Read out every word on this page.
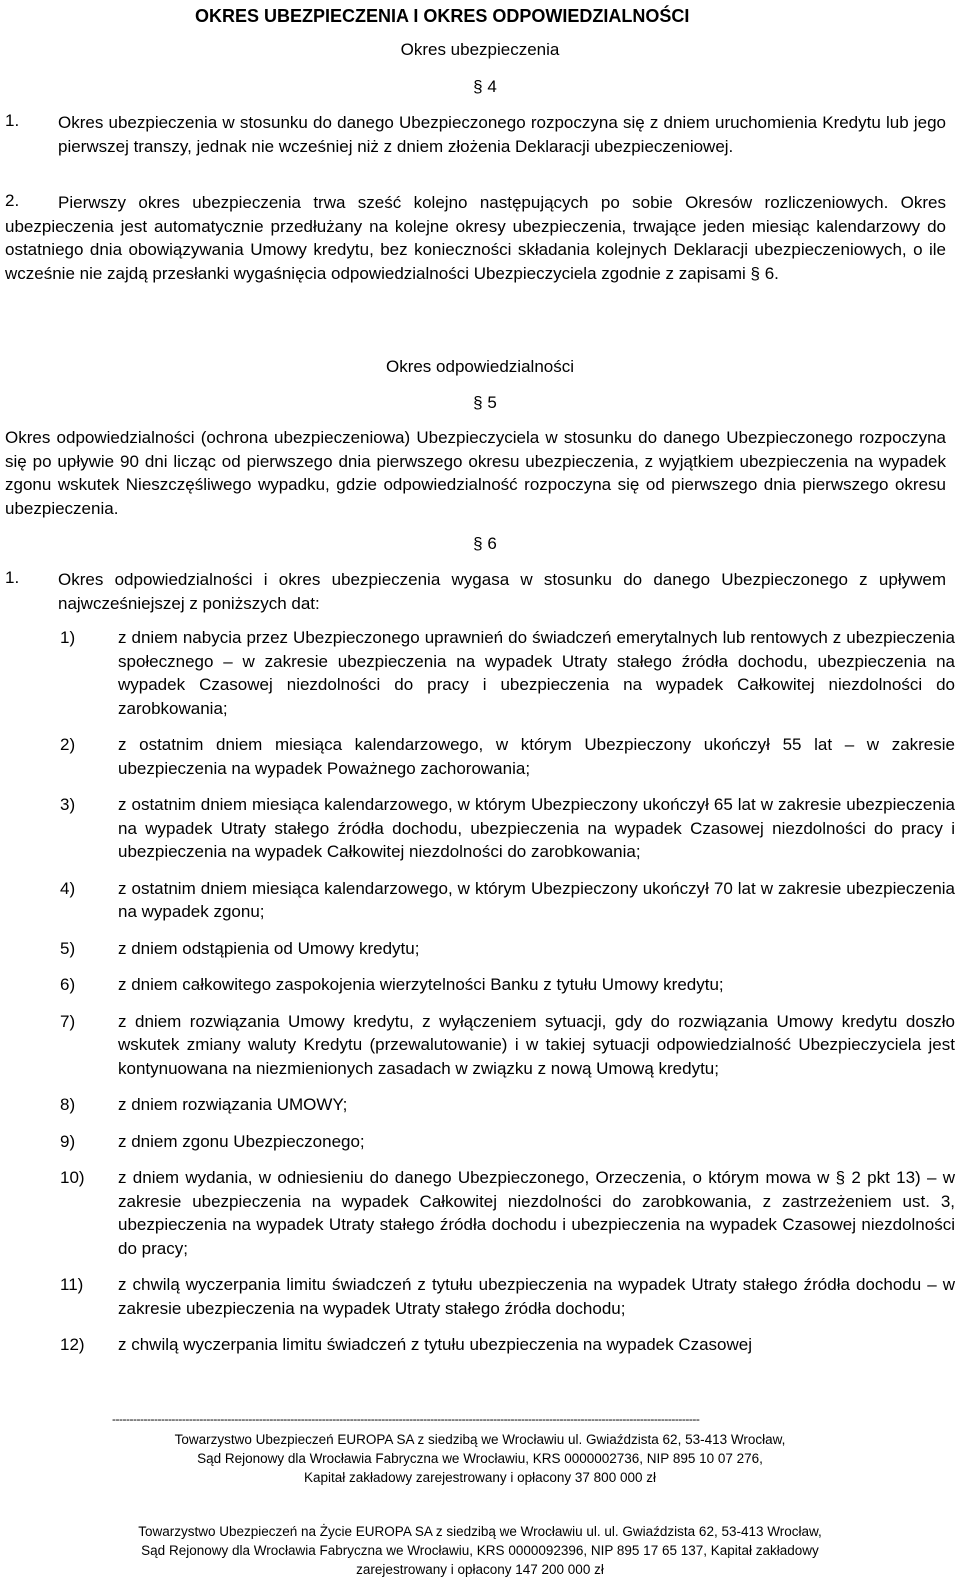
OKRES UBEZPIECZENIA I OKRES ODPOWIEDZIALNOŚCI
Okres ubezpieczenia
§ 4
1. Okres ubezpieczenia w stosunku do danego Ubezpieczonego rozpoczyna się z dniem uruchomienia Kredytu lub jego pierwszej transzy, jednak nie wcześniej niż z dniem złożenia Deklaracji ubezpieczeniowej.

2.	Pierwszy okres ubezpieczenia trwa sześć kolejno następujących po sobie Okresów rozliczeniowych. Okres ubezpieczenia jest automatycznie przedłużany na kolejne okresy ubezpieczenia, trwające jeden miesiąc kalendarzowy do ostatniego dnia obowiązywania Umowy kredytu, bez konieczności składania kolejnych Deklaracji ubezpieczeniowych, o ile wcześnie nie zajdą przesłanki wygaśnięcia odpowiedzialności Ubezpieczyciela zgodnie z zapisami § 6.

Okres odpowiedzialności
§ 5

Okres odpowiedzialności (ochrona ubezpieczeniowa) Ubezpieczyciela w stosunku do danego Ubezpieczonego rozpoczyna się po upływie 90 dni licząc od pierwszego dnia pierwszego okresu ubezpieczenia, z wyjątkiem ubezpieczenia na wypadek zgonu wskutek Nieszczęśliwego wypadku, gdzie odpowiedzialność rozpoczyna się od pierwszego dnia pierwszego okresu ubezpieczenia.

§ 6
1. Okres odpowiedzialności i okres ubezpieczenia wygasa w stosunku do danego Ubezpieczonego z upływem najwcześniejszej z poniższych dat:

1)	z dniem nabycia przez Ubezpieczonego uprawnień do świadczeń emerytalnych lub rentowych z ubezpieczenia społecznego – w zakresie ubezpieczenia na wypadek Utraty stałego źródła dochodu, ubezpieczenia na wypadek Czasowej niezdolności do pracy i ubezpieczenia na wypadek Całkowitej niezdolności do zarobkowania;
2)	z ostatnim dniem miesiąca kalendarzowego, w którym Ubezpieczony ukończył 55 lat – w zakresie ubezpieczenia na wypadek Poważnego zachorowania;
3)	z ostatnim dniem miesiąca kalendarzowego, w którym Ubezpieczony ukończył 65 lat w zakresie ubezpieczenia na wypadek Utraty stałego źródła dochodu, ubezpieczenia na wypadek Czasowej niezdolności do pracy i ubezpieczenia na wypadek Całkowitej niezdolności do zarobkowania;
4)	z ostatnim dniem miesiąca kalendarzowego, w którym Ubezpieczony ukończył 70 lat w zakresie ubezpieczenia na wypadek zgonu;
5)	z dniem odstąpienia od Umowy kredytu;
6)	z dniem całkowitego zaspokojenia wierzytelności Banku z tytułu Umowy kredytu;
7)	z dniem rozwiązania Umowy kredytu, z wyłączeniem sytuacji, gdy do rozwiązania Umowy kredytu doszło wskutek zmiany waluty Kredytu (przewalutowanie) i w takiej sytuacji odpowiedzialność Ubezpieczyciela jest kontynuowana na niezmienionych zasadach w związku z nową Umową kredytu;
8)	z dniem rozwiązania UMOWY;
9)	z dniem zgonu Ubezpieczonego;
10) z dniem wydania, w odniesieniu do danego Ubezpieczonego, Orzeczenia, o którym mowa w § 2 pkt 13) – w zakresie ubezpieczenia na wypadek Całkowitej niezdolności do zarobkowania, z zastrzeżeniem ust. 3, ubezpieczenia na wypadek Utraty stałego źródła dochodu i ubezpieczenia na wypadek Czasowej niezdolności do pracy;
11) z chwilą wyczerpania limitu świadczeń z tytułu ubezpieczenia na wypadek Utraty stałego źródła dochodu – w zakresie ubezpieczenia na wypadek Utraty stałego źródła dochodu;
12) z chwilą wyczerpania limitu świadczeń z tytułu ubezpieczenia na wypadek Czasowej
------------------------------------------------------------------------------------------------------------------------------------------------------------------------
Towarzystwo Ubezpieczeń EUROPA SA z siedzibą we Wrocławiu ul. Gwiaździsta 62, 53-413 Wrocław,
Sąd Rejonowy dla Wrocławia Fabryczna we Wrocławiu, KRS 0000002736, NIP 895 10 07 276,
Kapitał zakładowy zarejestrowany i opłacony 37 800 000 zł
Towarzystwo Ubezpieczeń na Życie EUROPA SA z siedzibą we Wrocławiu ul. ul. Gwiaździsta 62, 53-413 Wrocław,
Sąd Rejonowy dla Wrocławia Fabryczna we Wrocławiu, KRS 0000092396, NIP 895 17 65 137, Kapitał zakładowy
zarejestrowany i opłacony 147 200 000 zł
